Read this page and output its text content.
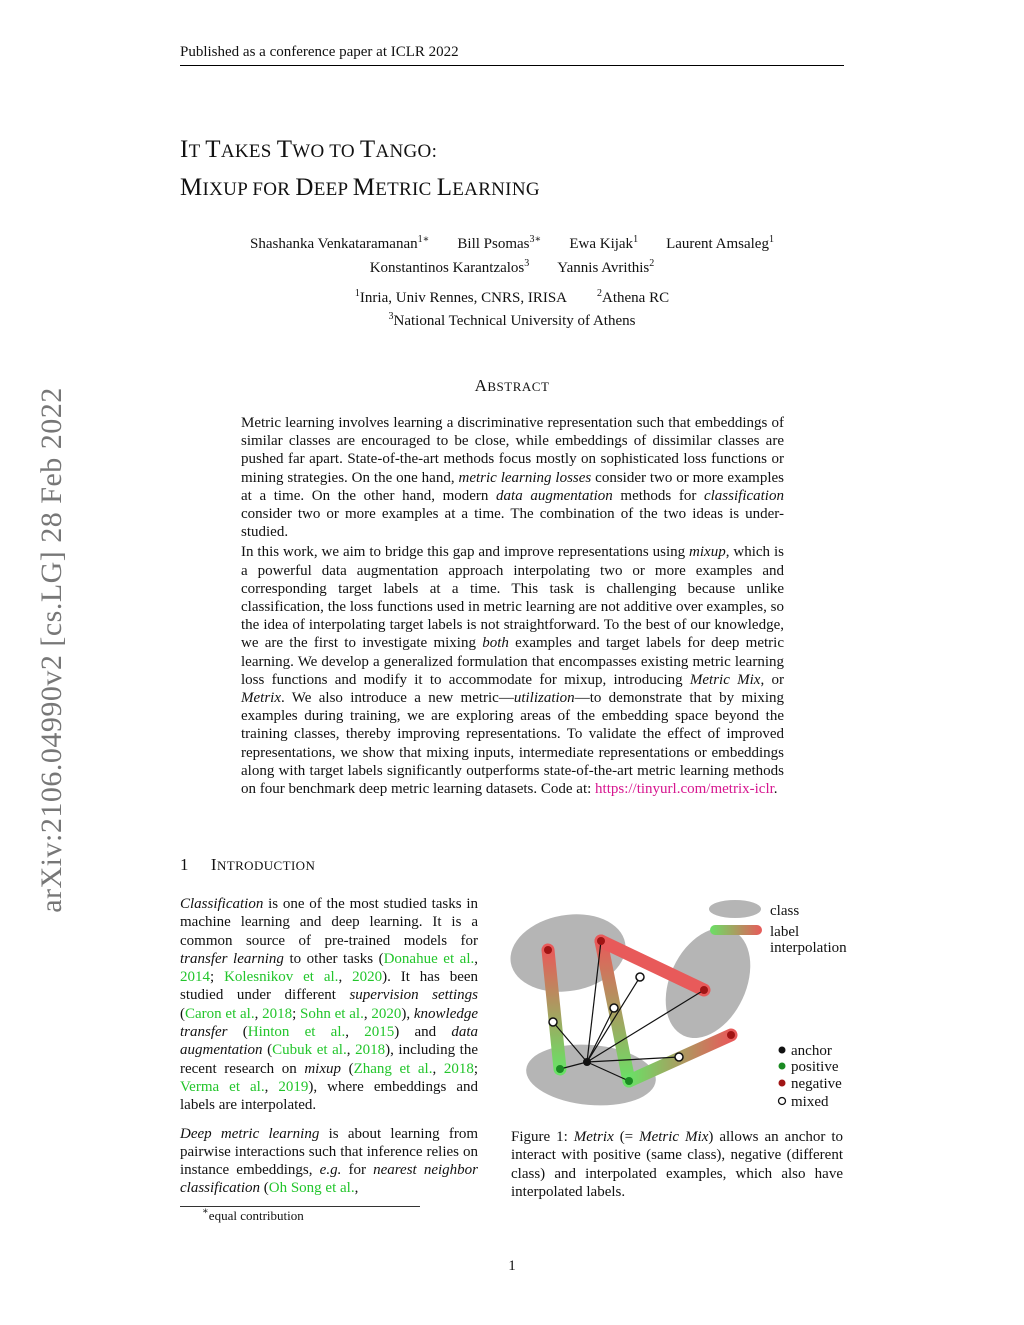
Published as a conference paper at ICLR 2022
arXiv:2106.04990v2 [cs.LG] 28 Feb 2022
IT TAKES TWO TO TANGO:
MIXUP FOR DEEP METRIC LEARNING
Shashanka Venkataramanan$^{1∗}$ Bill Psomas$^{3∗}$ Ewa Kijak$^1$ Laurent Amsaleg$^1$
Konstantinos Karantzalos$^3$ Yannis Avrithis$^2$
$^1$Inria, Univ Rennes, CNRS, IRISA	$^2$Athena RC
$^3$National Technical University of Athens
ABSTRACT

Metric learning involves learning a discriminative representation such that embeddings of similar classes are encouraged to be close, while embeddings of dissimilar classes are pushed far apart. State-of-the-art methods focus mostly on sophisticated loss functions or mining strategies. On the one hand, metric learning losses consider two or more examples at a time. On the other hand, modern data augmentation methods for classification consider two or more examples at a time. The combination of the two ideas is under-studied.

In this work, we aim to bridge this gap and improve representations using mixup, which is a powerful data augmentation approach interpolating two or more examples and corresponding target labels at a time. This task is challenging because unlike classification, the loss functions used in metric learning are not additive over examples, so the idea of interpolating target labels is not straightforward. To the best of our knowledge, we are the first to investigate mixing both examples and target labels for deep metric learning. We develop a generalized formulation that encompasses existing metric learning loss functions and modify it to accommodate for mixup, introducing Metric Mix, or Metrix. We also introduce a new metric—utilization—to demonstrate that by mixing examples during training, we are exploring areas of the embedding space beyond the training classes, thereby improving representations. To validate the effect of improved representations, we show that mixing inputs, intermediate representations or embeddings along with target labels significantly outperforms state-of-the-art metric learning methods on four benchmark deep metric learning datasets. Code at: https://tinyurl.com/metrix-iclr.

1 INTRODUCTION

Classification is one of the most studied tasks in machine learning and deep learning. It is a common source of pre-trained models for transfer learning to other tasks (Donahue et al., 2014; Kolesnikov et al., 2020). It has been studied under different supervision settings (Caron et al., 2018; Sohn et al., 2020), knowledge transfer (Hinton et al., 2015) and data augmentation (Cubuk et al., 2018), including the recent research on mixup (Zhang et al., 2018; Verma et al., 2019), where embeddings and labels are interpolated.

Deep metric learning is about learning from pairwise interactions such that inference relies on instance embeddings, e.g. for nearest neighbor classification (Oh Song et al.,

class
label
interpolation
anchor
positive
negative
mixed
Figure 1: Metrix (= Metric Mix) allows an anchor to interact with positive (same class), negative (different class) and interpolated examples, which also have interpolated labels.
∗equal contribution
1
